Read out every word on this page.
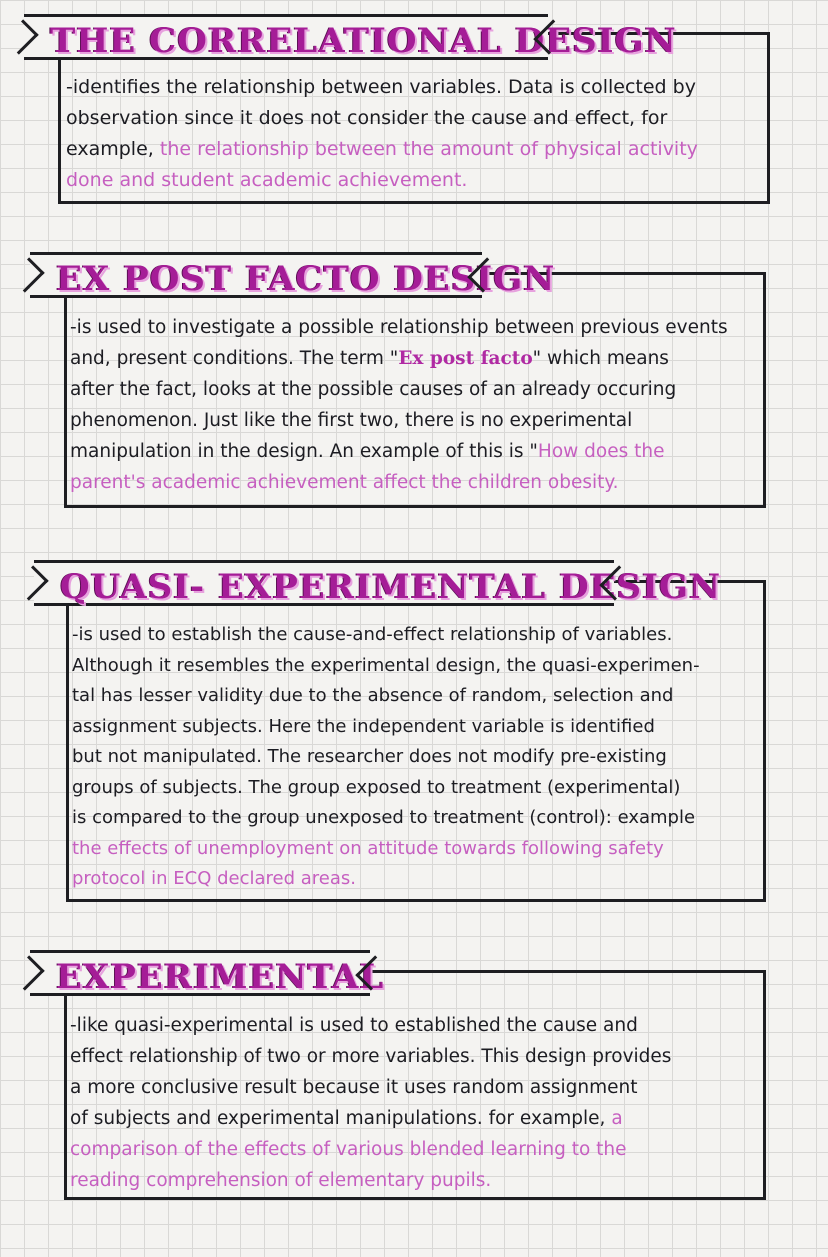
THE CORRELATIONAL DESIGN
-identifies the relationship between variables. Data is collected by
observation since it does not consider the cause and effect, for
example, the relationship between the amount of physical activity
done and student academic achievement.
EX POST FACTO DESIGN
-is used to investigate a possible relationship between previous events
and, present conditions. The term "Ex post facto" which means
after the fact, looks at the possible causes of an already occuring
phenomenon. Just like the first two, there is no experimental
manipulation in the design. An example of this is "How does the
parent's academic achievement affect the children obesity.
QUASI- EXPERIMENTAL DESIGN
-is used to establish the cause-and-effect relationship of variables.
Although it resembles the experimental design, the quasi-experimen-
tal has lesser validity due to the absence of random, selection and
assignment subjects. Here the independent variable is identified
but not manipulated. The researcher does not modify pre-existing
groups of subjects. The group exposed to treatment (experimental)
is compared to the group unexposed to treatment (control): example
the effects of unemployment on attitude towards following safety
protocol in ECQ declared areas.
EXPERIMENTAL
-like quasi-experimental is used to established the cause and
effect relationship of two or more variables. This design provides
a more conclusive result because it uses random assignment
of subjects and experimental manipulations. for example, a
comparison of the effects of various blended learning to the
reading comprehension of elementary pupils.
